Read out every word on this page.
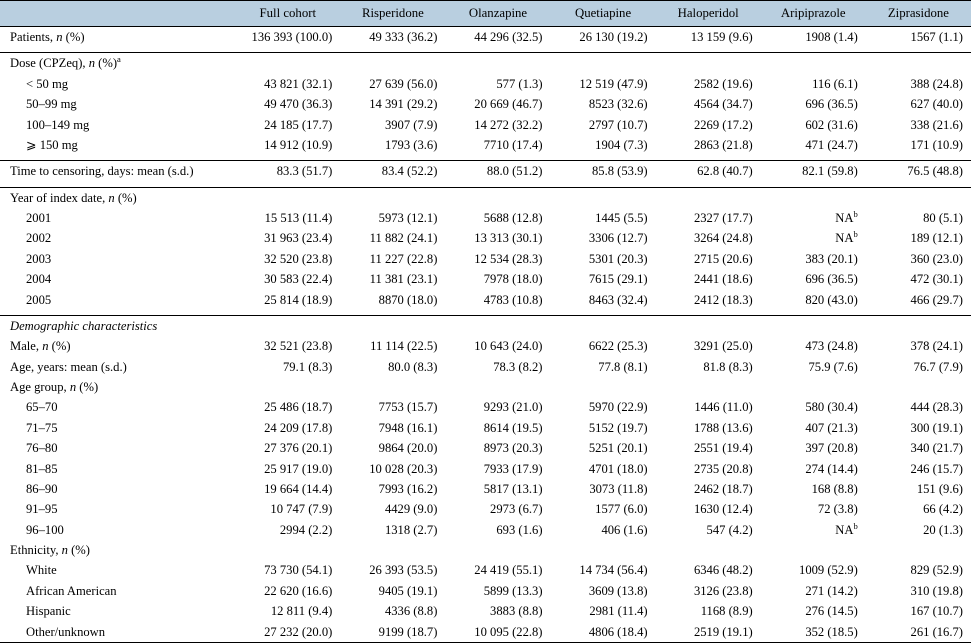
	Full cohort	Risperidone	Olanzapine	Quetiapine	Haloperidol	Aripiprazole	Ziprasidone
Patients, n (%)	136 393 (100.0)	49 333 (36.2)	44 296 (32.5)	26 130 (19.2)	13 159 (9.6)	1908 (1.4)	1567 (1.1)

Dose (CPZeq), n (%)$^a$							
< 50 mg	43 821 (32.1)	27 639 (56.0)	577 (1.3)	12 519 (47.9)	2582 (19.6)	116 (6.1)	388 (24.8)
50–99 mg	49 470 (36.3)	14 391 (29.2)	20 669 (46.7)	8523 (32.6)	4564 (34.7)	696 (36.5)	627 (40.0)
100–149 mg	24 185 (17.7)	3907 (7.9)	14 272 (32.2)	2797 (10.7)	2269 (17.2)	602 (31.6)	338 (21.6)
⩾ 150 mg	14 912 (10.9)	1793 (3.6)	7710 (17.4)	1904 (7.3)	2863 (21.8)	471 (24.7)	171 (10.9)

Time to censoring, days: mean (s.d.)	83.3 (51.7)	83.4 (52.2)	88.0 (51.2)	85.8 (53.9)	62.8 (40.7)	82.1 (59.8)	76.5 (48.8)

Year of index date, n (%)							
2001	15 513 (11.4)	5973 (12.1)	5688 (12.8)	1445 (5.5)	2327 (17.7)	$NA^b$	80 (5.1)
2002	31 963 (23.4)	11 882 (24.1)	13 313 (30.1)	3306 (12.7)	3264 (24.8)	$NA^b$	189 (12.1)
2003	32 520 (23.8)	11 227 (22.8)	12 534 (28.3)	5301 (20.3)	2715 (20.6)	383 (20.1)	360 (23.0)
2004	30 583 (22.4)	11 381 (23.1)	7978 (18.0)	7615 (29.1)	2441 (18.6)	696 (36.5)	472 (30.1)
2005	25 814 (18.9)	8870 (18.0)	4783 (10.8)	8463 (32.4)	2412 (18.3)	820 (43.0)	466 (29.7)

Demographic characteristics							
Male, n (%)	32 521 (23.8)	11 114 (22.5)	10 643 (24.0)	6622 (25.3)	3291 (25.0)	473 (24.8)	378 (24.1)
Age, years: mean (s.d.)	79.1 (8.3)	80.0 (8.3)	78.3 (8.2)	77.8 (8.1)	81.8 (8.3)	75.9 (7.6)	76.7 (7.9)
Age group, n (%)							
65–70	25 486 (18.7)	7753 (15.7)	9293 (21.0)	5970 (22.9)	1446 (11.0)	580 (30.4)	444 (28.3)
71–75	24 209 (17.8)	7948 (16.1)	8614 (19.5)	5152 (19.7)	1788 (13.6)	407 (21.3)	300 (19.1)
76–80	27 376 (20.1)	9864 (20.0)	8973 (20.3)	5251 (20.1)	2551 (19.4)	397 (20.8)	340 (21.7)
81–85	25 917 (19.0)	10 028 (20.3)	7933 (17.9)	4701 (18.0)	2735 (20.8)	274 (14.4)	246 (15.7)
86–90	19 664 (14.4)	7993 (16.2)	5817 (13.1)	3073 (11.8)	2462 (18.7)	168 (8.8)	151 (9.6)
91–95	10 747 (7.9)	4429 (9.0)	2973 (6.7)	1577 (6.0)	1630 (12.4)	72 (3.8)	66 (4.2)
96–100	2994 (2.2)	1318 (2.7)	693 (1.6)	406 (1.6)	547 (4.2)	$NA^b$	20 (1.3)
Ethnicity, n (%)							
White	73 730 (54.1)	26 393 (53.5)	24 419 (55.1)	14 734 (56.4)	6346 (48.2)	1009 (52.9)	829 (52.9)
African American	22 620 (16.6)	9405 (19.1)	5899 (13.3)	3609 (13.8)	3126 (23.8)	271 (14.2)	310 (19.8)
Hispanic	12 811 (9.4)	4336 (8.8)	3883 (8.8)	2981 (11.4)	1168 (8.9)	276 (14.5)	167 (10.7)
Other/unknown	27 232 (20.0)	9199 (18.7)	10 095 (22.8)	4806 (18.4)	2519 (19.1)	352 (18.5)	261 (16.7)
